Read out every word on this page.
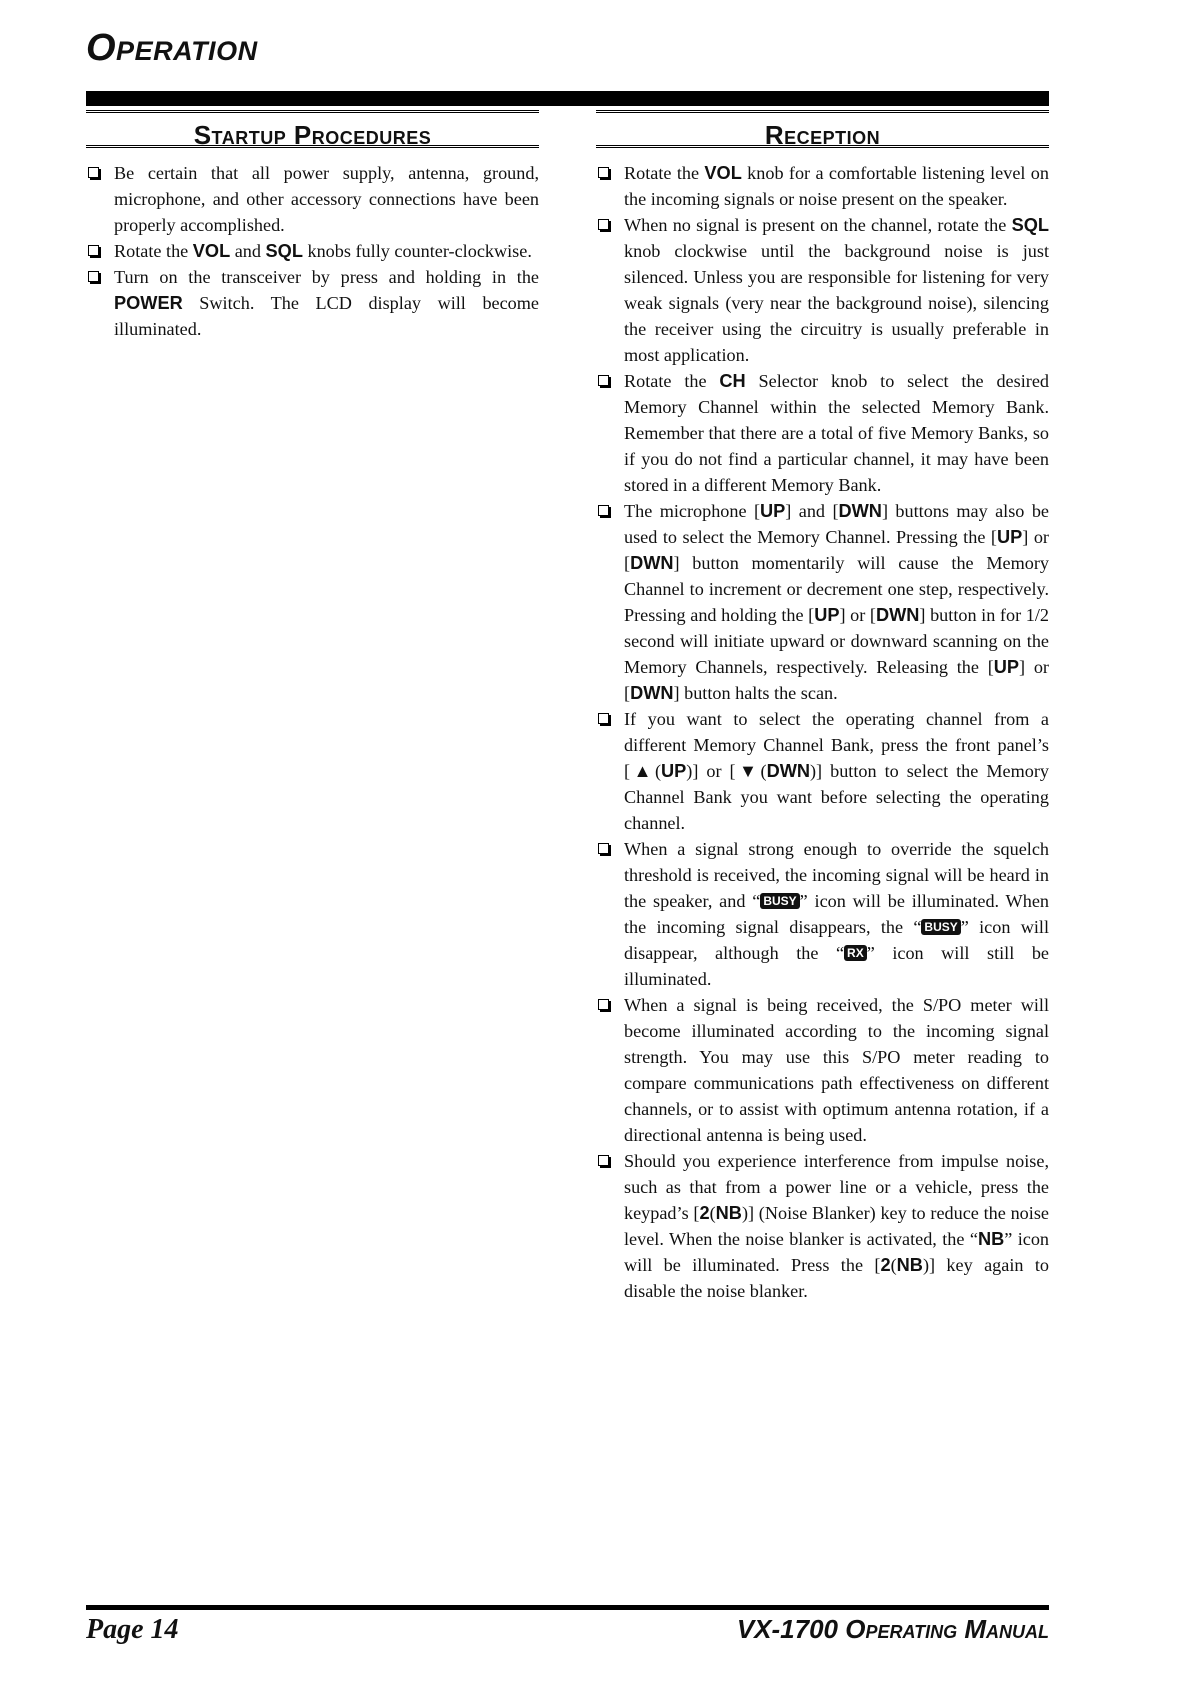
Operation
Startup Procedures
Be certain that all power supply, antenna, ground, microphone, and other accessory connections have been properly accomplished.
Rotate the VOL and SQL knobs fully counter-clockwise.
Turn on the transceiver by press and holding in the POWER Switch. The LCD display will become illuminated.
Reception
Rotate the VOL knob for a comfortable listening level on the incoming signals or noise present on the speaker.
When no signal is present on the channel, rotate the SQL knob clockwise until the background noise is just silenced. Unless you are responsible for listening for very weak signals (very near the background noise), silencing the receiver using the circuitry is usually preferable in most application.
Rotate the CH Selector knob to select the desired Memory Channel within the selected Memory Bank. Remember that there are a total of five Memory Banks, so if you do not find a particular channel, it may have been stored in a different Memory Bank.
The microphone [UP] and [DWN] buttons may also be used to select the Memory Channel. Pressing the [UP] or [DWN] button momentarily will cause the Memory Channel to increment or decrement one step, respectively. Pressing and holding the [UP] or [DWN] button in for 1/2 second will initiate upward or downward scanning on the Memory Channels, respectively. Releasing the [UP] or [DWN] button halts the scan.
If you want to select the operating channel from a different Memory Channel Bank, press the front panel’s [▲(UP)] or [▼(DWN)] button to select the Memory Channel Bank you want before selecting the operating channel.
When a signal strong enough to override the squelch threshold is received, the incoming signal will be heard in the speaker, and “ BUSY ” icon will be illuminated. When the incoming signal disappears, the “ BUSY ” icon will disappear, although the “ RX ” icon will still be illuminated.
When a signal is being received, the S/PO meter will become illuminated according to the incoming signal strength. You may use this S/PO meter reading to compare communications path effectiveness on different channels, or to assist with optimum antenna rotation, if a directional antenna is being used.
Should you experience interference from impulse noise, such as that from a power line or a vehicle, press the keypad’s [2(NB)] (Noise Blanker) key to reduce the noise level. When the noise blanker is activated, the “NB” icon will be illuminated. Press the [2(NB)] key again to disable the noise blanker.
Page 14	VX-1700 Operating Manual
